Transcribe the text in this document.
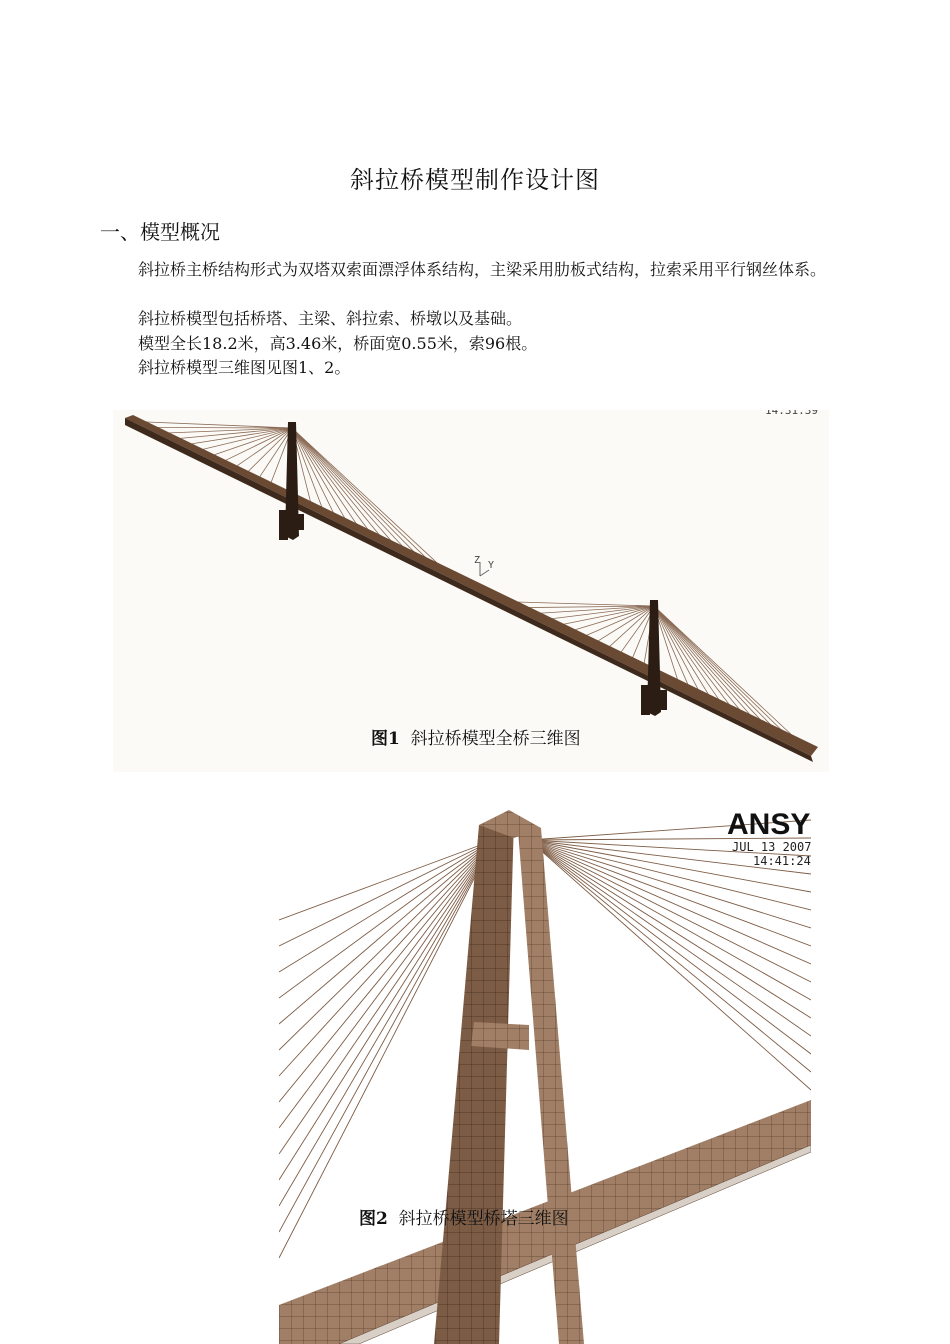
斜拉桥模型制作设计图
一、模型概况
斜拉桥主桥结构形式为双塔双索面漂浮体系结构，主梁采用肋板式结构，拉索采用平行钢丝体系。
斜拉桥模型包括桥塔、主梁、斜拉索、桥墩以及基础。
模型全长18.2米，高3.46米，桥面宽0.55米，索96根。
斜拉桥模型三维图见图1、2。
Z Y
14:31:39
图1 斜拉桥模型全桥三维图
ANSY
JUL 13 2007
14:41:24
图2 斜拉桥模型桥塔三维图
